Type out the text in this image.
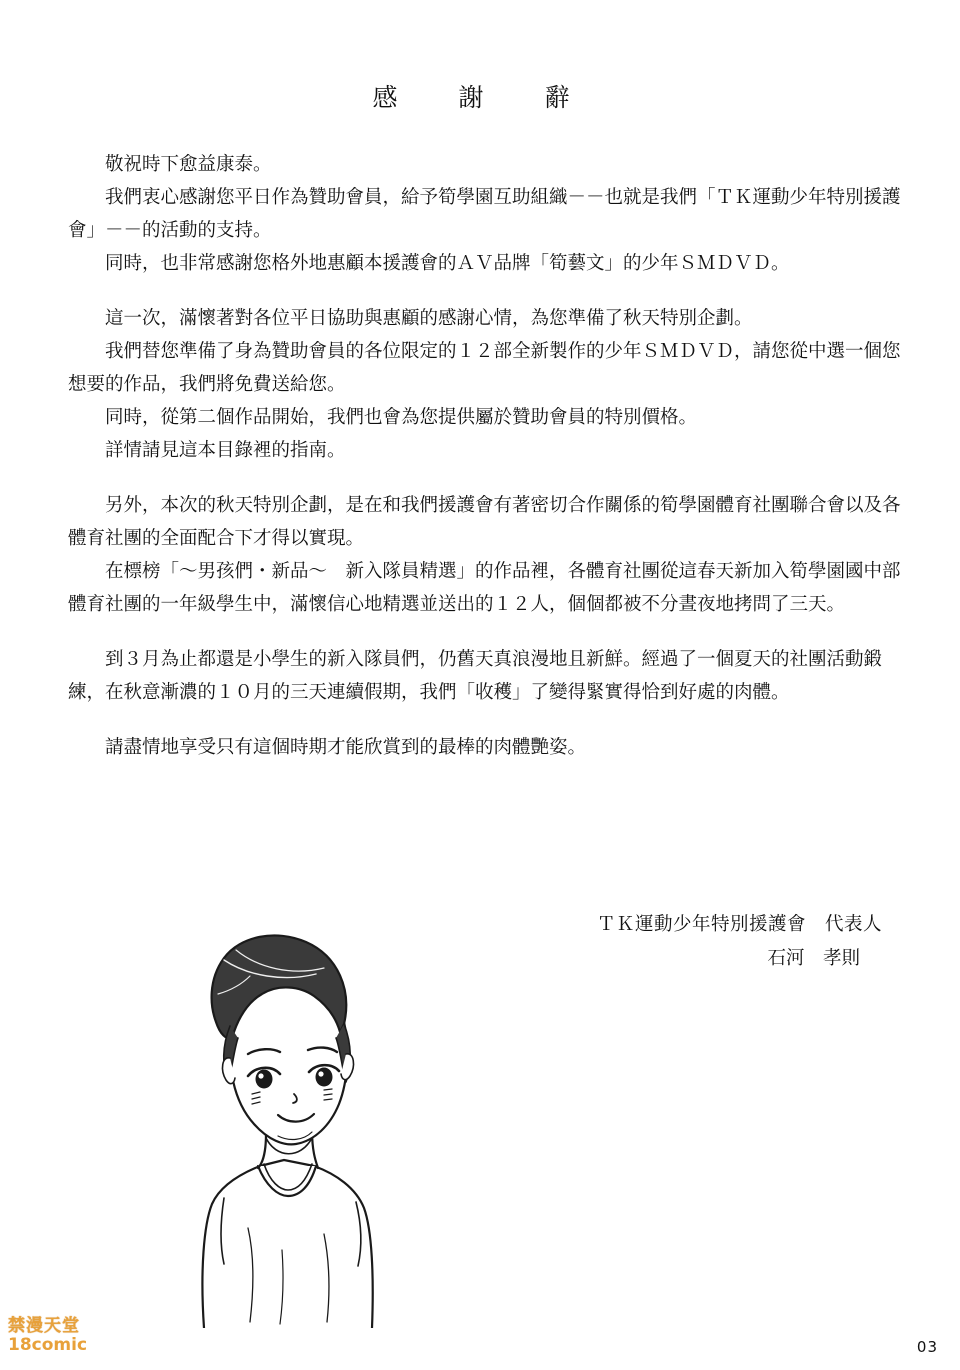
感　謝　辭

敬祝時下愈益康泰。

我們衷心感謝您平日作為贊助會員，給予筍學園互助組織－－也就是我們「ＴＫ運動少年特別援護會」－－的活動的支持。

同時，也非常感謝您格外地惠顧本援護會的ＡＶ品牌「筍藝文」的少年ＳＭＤＶＤ。

這一次，滿懷著對各位平日協助與惠顧的感謝心情，為您準備了秋天特別企劃。

我們替您準備了身為贊助會員的各位限定的１２部全新製作的少年ＳＭＤＶＤ，請您從中選一個您想要的作品，我們將免費送給您。

同時，從第二個作品開始，我們也會為您提供屬於贊助會員的特別價格。

詳情請見這本目錄裡的指南。

另外，本次的秋天特別企劃，是在和我們援護會有著密切合作關係的筍學園體育社團聯合會以及各體育社團的全面配合下才得以實現。

在標榜「～男孩們・新品～　新入隊員精選」的作品裡，各體育社團從這春天新加入筍學園國中部體育社團的一年級學生中，滿懷信心地精選並送出的１２人，個個都被不分晝夜地拷問了三天。

到３月為止都還是小學生的新入隊員們，仍舊天真浪漫地且新鮮。經過了一個夏天的社團活動鍛練，在秋意漸濃的１０月的三天連續假期，我們「收穫」了變得緊實得恰到好處的肉體。

請盡情地享受只有這個時期才能欣賞到的最棒的肉體艷姿。

ＴＫ運動少年特別援護會　代表人
石河　孝則
03
禁漫天堂
18comic
